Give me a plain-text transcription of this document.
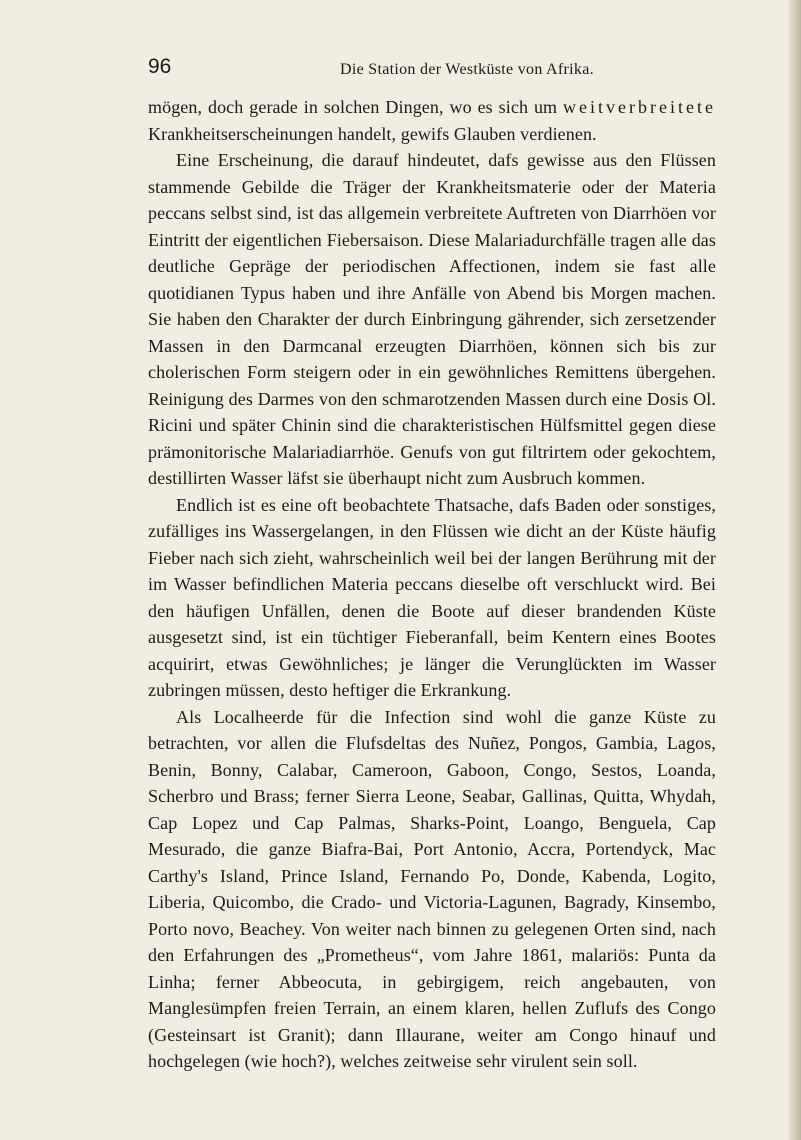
96	Die Station der Westküste von Afrika.

mögen, doch gerade in solchen Dingen, wo es sich um weitverbreitete Krankheitserscheinungen handelt, gewifs Glauben verdienen.

Eine Erscheinung, die darauf hindeutet, dafs gewisse aus den Flüssen stammende Gebilde die Träger der Krankheitsmaterie oder der Materia peccans selbst sind, ist das allgemein verbreitete Auftreten von Diarrhöen vor Eintritt der eigentlichen Fiebersaison. Diese Malariadurchfälle tragen alle das deutliche Gepräge der periodischen Affectionen, indem sie fast alle quotidianen Typus haben und ihre Anfälle von Abend bis Morgen machen. Sie haben den Charakter der durch Einbringung gährender, sich zersetzender Massen in den Darmcanal erzeugten Diarrhöen, können sich bis zur cholerischen Form steigern oder in ein gewöhnliches Remittens übergehen. Reinigung des Darmes von den schmarotzenden Massen durch eine Dosis Ol. Ricini und später Chinin sind die charakteristischen Hülfsmittel gegen diese prämonitorische Malariadiarrhöe. Genufs von gut filtrirtem oder gekochtem, destillirten Wasser läfst sie überhaupt nicht zum Ausbruch kommen.

Endlich ist es eine oft beobachtete Thatsache, dafs Baden oder sonstiges, zufälliges ins Wassergelangen, in den Flüssen wie dicht an der Küste häufig Fieber nach sich zieht, wahrscheinlich weil bei der langen Berührung mit der im Wasser befindlichen Materia peccans dieselbe oft verschluckt wird. Bei den häufigen Unfällen, denen die Boote auf dieser brandenden Küste ausgesetzt sind, ist ein tüchtiger Fieberanfall, beim Kentern eines Bootes acquirirt, etwas Gewöhnliches; je länger die Verunglückten im Wasser zubringen müssen, desto heftiger die Erkrankung.

Als Localheerde für die Infection sind wohl die ganze Küste zu betrachten, vor allen die Flufsdeltas des Nuñez, Pongos, Gambia, Lagos, Benin, Bonny, Calabar, Cameroon, Gaboon, Congo, Sestos, Loanda, Scherbro und Brass; ferner Sierra Leone, Seabar, Gallinas, Quitta, Whydah, Cap Lopez und Cap Palmas, Sharks-Point, Loango, Benguela, Cap Mesurado, die ganze Biafra-Bai, Port Antonio, Accra, Portendyck, Mac Carthy's Island, Prince Island, Fernando Po, Donde, Kabenda, Logito, Liberia, Quicombo, die Crado- und Victoria-Lagunen, Bagrady, Kinsembo, Porto novo, Beachey. Von weiter nach binnen zu gelegenen Orten sind, nach den Erfahrungen des „Prometheus“, vom Jahre 1861, malariös: Punta da Linha; ferner Abbeocuta, in gebirgigem, reich angebauten, von Manglesümpfen freien Terrain, an einem klaren, hellen Zuflufs des Congo (Gesteinsart ist Granit); dann Illaurane, weiter am Congo hinauf und hochgelegen (wie hoch?), welches zeitweise sehr virulent sein soll.
